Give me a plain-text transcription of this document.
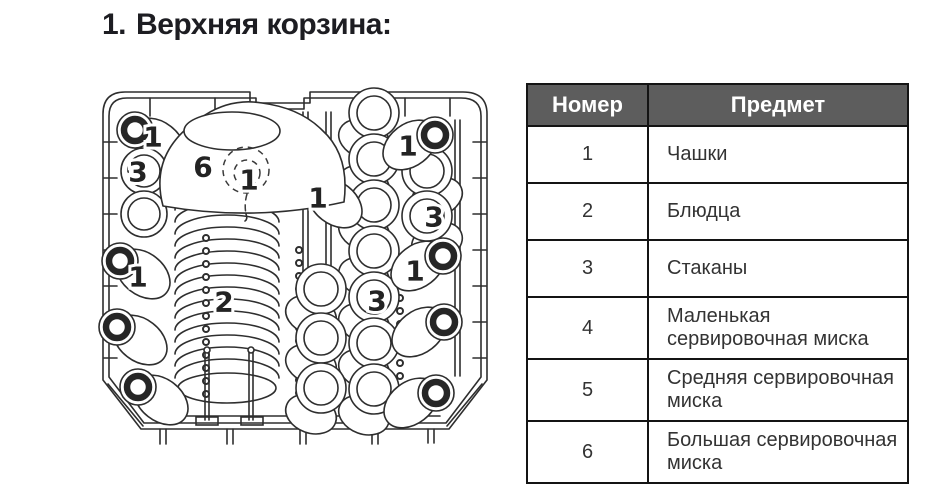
1. Верхняя корзина:
1
3 6 1
1
1
3
1
2	3
1
Номер	Предмет
1	Чашки
2	Блюдца
3	Стаканы
4	Маленькая сервировочная миска
5	Средняя сервировочная миска
6	Большая сервировочная миска
